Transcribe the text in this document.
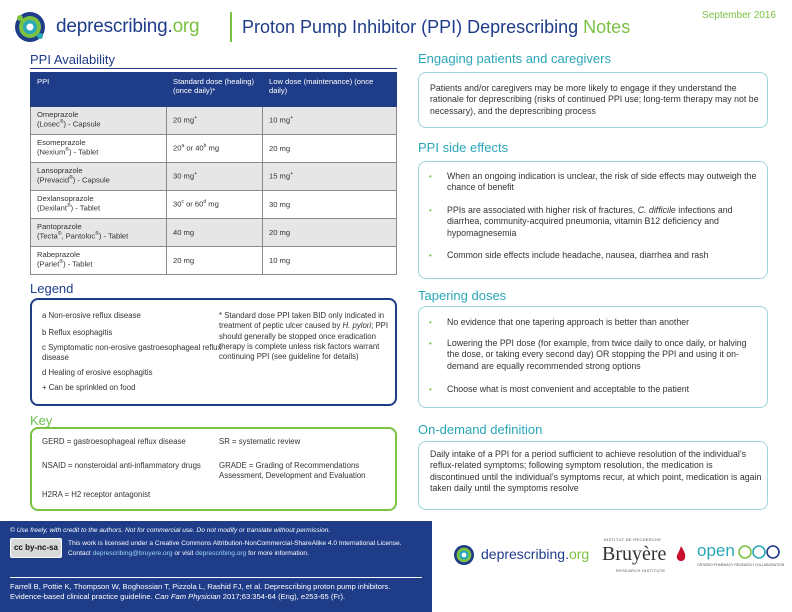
deprescribing.org Proton Pump Inhibitor (PPI) Deprescribing Notes
September 2016
PPI Availability
PPI	Standard dose (healing) (once daily)*	Low dose (maintenance) (once daily)
Omeprazole
(Losec®) - Capsule	20 mg+	10 mg+
Esomeprazole
(Nexium®) - Tablet	20$^a$ or 40$^b$ mg	20 mg
Lansoprazole
(Prevacid®) - Capsule	30 mg+	15 mg+
Dexlansoprazole
(Dexilant®) - Tablet	30$^c$ or 60$^d$ mg	30 mg
Pantoprazole
(Tecta®, Pantoloc®) - Tablet	40 mg	20 mg
Rabeprazole
(Pariet®) - Tablet	20 mg	10 mg
Legend
a Non-erosive reflux disease
b Reflux esophagitis
c Symptomatic non-erosive gastroesophageal reflux disease
d Healing of erosive esophagitis
+ Can be sprinkled on food
* Standard dose PPI taken BID only indicated in treatment of peptic ulcer caused by H. pylori; PPI should generally be stopped once eradication therapy is complete unless risk factors warrant continuing PPI (see guideline for details)
Key
GERD = gastroesophageal reflux disease
NSAID = nonsteroidal anti-inflammatory drugs
H2RA = H2 receptor antagonist
SR = systematic review
GRADE = Grading of Recommendations Assessment, Development and Evaluation
Engaging patients and caregivers
Patients and/or caregivers may be more likely to engage if they understand the rationale for deprescribing (risks of continued PPI use; long-term therapy may not be necessary), and the deprescribing process
PPI side effects
• When an ongoing indication is unclear, the risk of side effects may outweigh the chance of benefit
• PPIs are associated with higher risk of fractures, C. difficile infections and diarrhea, community-acquired pneumonia, vitamin B12 deficiency and hypomagnesemia
• Common side effects include headache, nausea, diarrhea and rash
Tapering doses
• No evidence that one tapering approach is better than another
• Lowering the PPI dose (for example, from twice daily to once daily, or halving the dose, or taking every second day) OR stopping the PPI and using it on-demand are equally recommended strong options
• Choose what is most convenient and acceptable to the patient
On-demand definition
Daily intake of a PPI for a period sufficient to achieve resolution of the individual’s reflux-related symptoms; following symptom resolution, the medication is discontinued until the individual’s symptoms recur, at which point, medication is again taken daily until the symptoms resolve
© Use freely, with credit to the authors. Not for commercial use. Do not modify or translate without permission.
cc by-nc-sa	This work is licensed under a Creative Commons Attribution-NonCommercial-ShareAlike 4.0 International License.
Contact deprescribing@bruyere.org or visit deprescribing.org for more information.
Farrell B, Pottie K, Thompson W, Boghossian T, Pizzola L, Rashid FJ, et al. Deprescribing proton pump inhibitors.
Evidence-based clinical practice guideline. Can Fam Physician 2017;63:354-64 (Eng), e253-65 (Fr).
deprescribing.org
INSTITUT DE RECHERCHE
Bruyère
RESEARCH INSTITUTE
open
ONTARIO PHARMACY RESEARCH COLLABORATION
